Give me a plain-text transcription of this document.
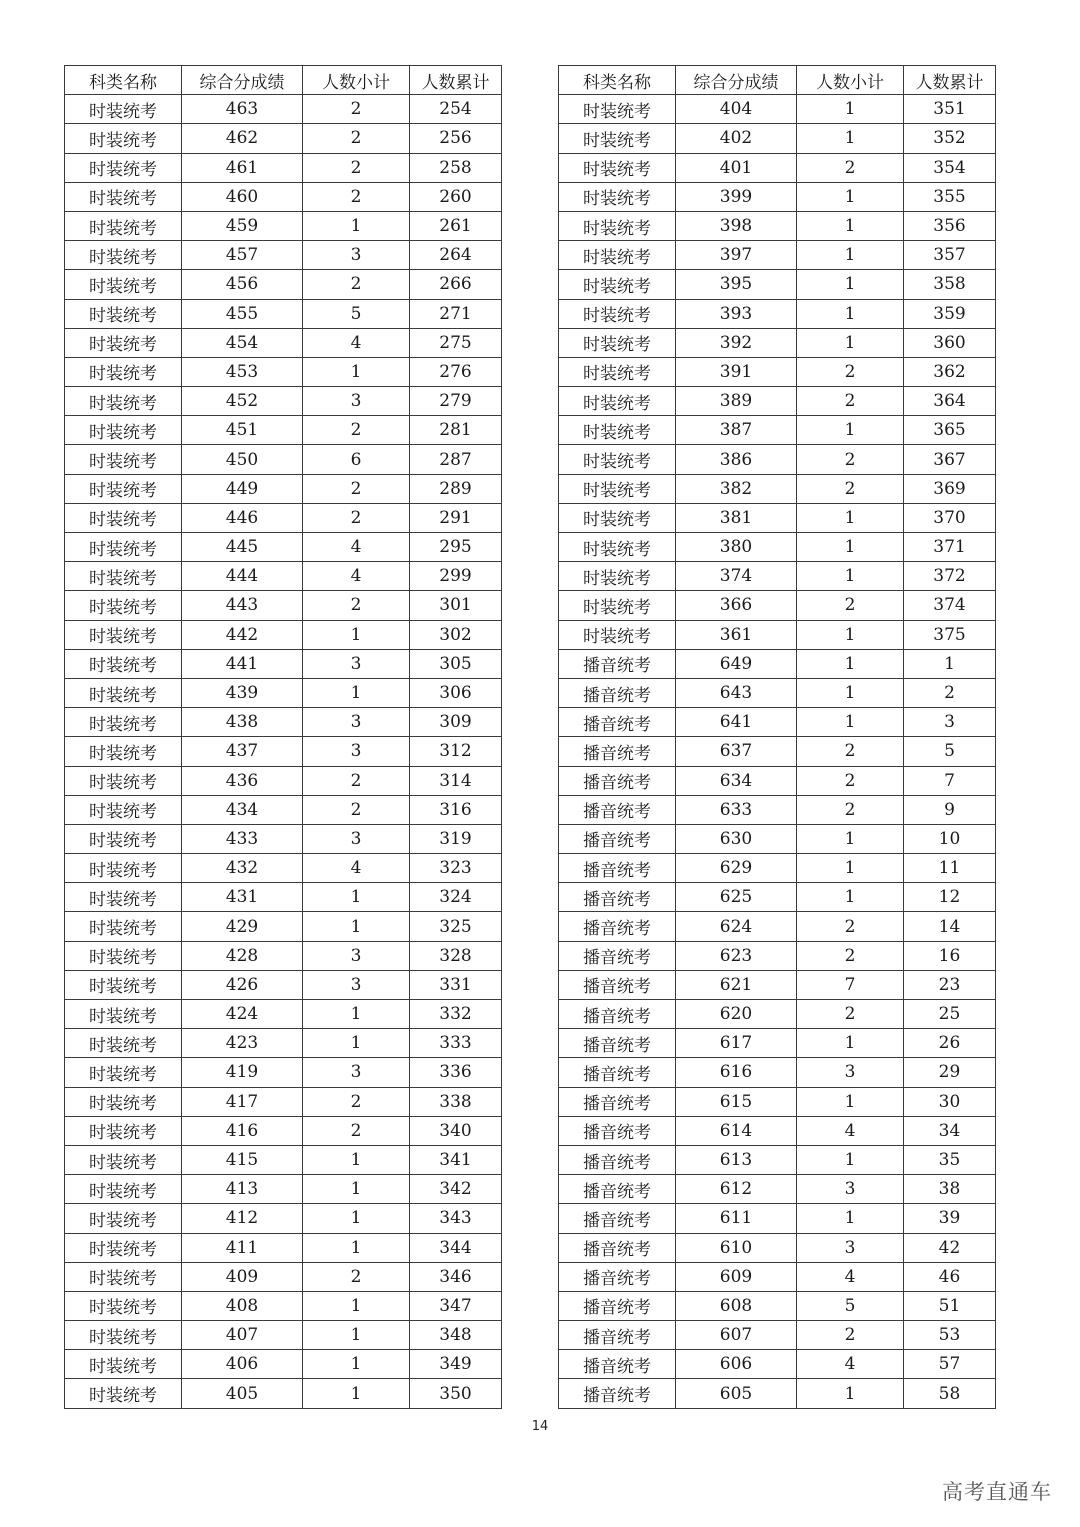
科类名称	综合分成绩	人数小计	人数累计
时装统考	463	2	254
时装统考	462	2	256
时装统考	461	2	258
时装统考	460	2	260
时装统考	459	1	261
时装统考	457	3	264
时装统考	456	2	266
时装统考	455	5	271
时装统考	454	4	275
时装统考	453	1	276
时装统考	452	3	279
时装统考	451	2	281
时装统考	450	6	287
时装统考	449	2	289
时装统考	446	2	291
时装统考	445	4	295
时装统考	444	4	299
时装统考	443	2	301
时装统考	442	1	302
时装统考	441	3	305
时装统考	439	1	306
时装统考	438	3	309
时装统考	437	3	312
时装统考	436	2	314
时装统考	434	2	316
时装统考	433	3	319
时装统考	432	4	323
时装统考	431	1	324
时装统考	429	1	325
时装统考	428	3	328
时装统考	426	3	331
时装统考	424	1	332
时装统考	423	1	333
时装统考	419	3	336
时装统考	417	2	338
时装统考	416	2	340
时装统考	415	1	341
时装统考	413	1	342
时装统考	412	1	343
时装统考	411	1	344
时装统考	409	2	346
时装统考	408	1	347
时装统考	407	1	348
时装统考	406	1	349
时装统考	405	1	350
科类名称	综合分成绩	人数小计	人数累计
时装统考	404	1	351
时装统考	402	1	352
时装统考	401	2	354
时装统考	399	1	355
时装统考	398	1	356
时装统考	397	1	357
时装统考	395	1	358
时装统考	393	1	359
时装统考	392	1	360
时装统考	391	2	362
时装统考	389	2	364
时装统考	387	1	365
时装统考	386	2	367
时装统考	382	2	369
时装统考	381	1	370
时装统考	380	1	371
时装统考	374	1	372
时装统考	366	2	374
时装统考	361	1	375
播音统考	649	1	1
播音统考	643	1	2
播音统考	641	1	3
播音统考	637	2	5
播音统考	634	2	7
播音统考	633	2	9
播音统考	630	1	10
播音统考	629	1	11
播音统考	625	1	12
播音统考	624	2	14
播音统考	623	2	16
播音统考	621	7	23
播音统考	620	2	25
播音统考	617	1	26
播音统考	616	3	29
播音统考	615	1	30
播音统考	614	4	34
播音统考	613	1	35
播音统考	612	3	38
播音统考	611	1	39
播音统考	610	3	42
播音统考	609	4	46
播音统考	608	5	51
播音统考	607	2	53
播音统考	606	4	57
播音统考	605	1	58
14
高考直通车
